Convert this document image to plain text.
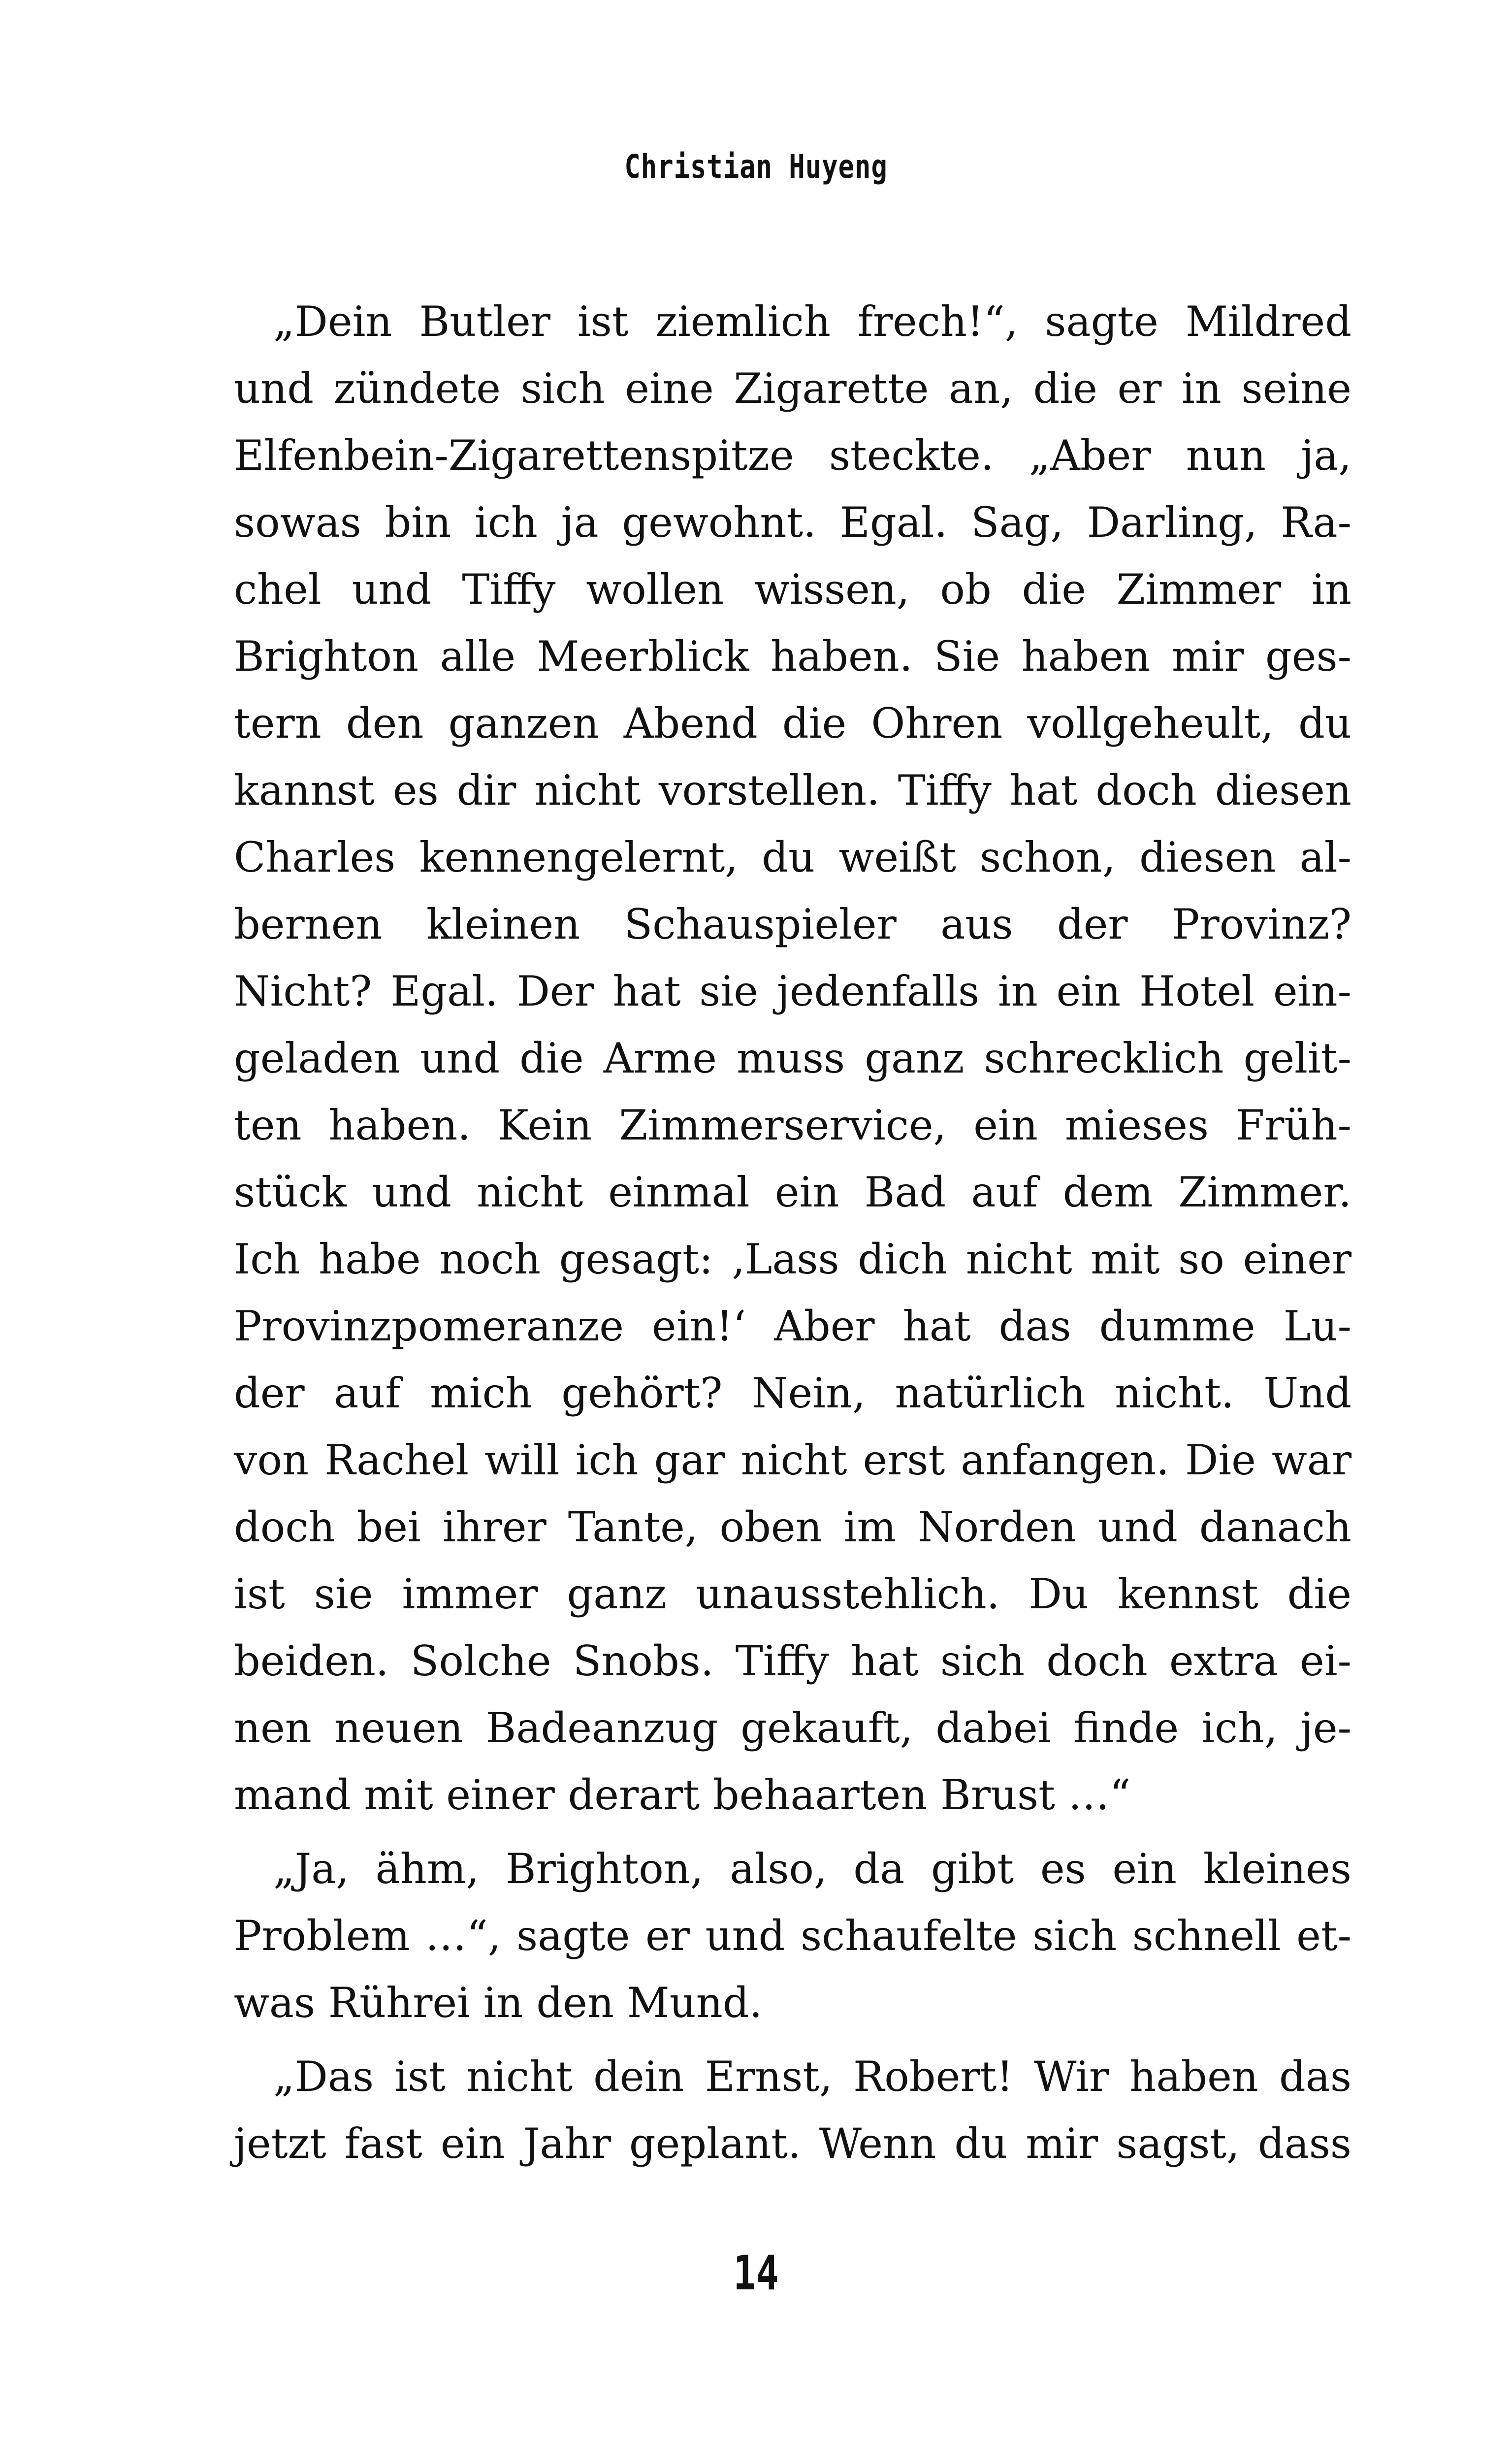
Christian Huyeng
„Dein Butler ist ziemlich frech!“, sagte Mildred
und zündete sich eine Zigarette an, die er in seine
Elfenbein-Zigarettenspitze steckte. „Aber nun ja,
sowas bin ich ja gewohnt. Egal. Sag, Darling, Ra-
chel und Tiffy wollen wissen, ob die Zimmer in
Brighton alle Meerblick haben. Sie haben mir ges-
tern den ganzen Abend die Ohren vollgeheult, du
kannst es dir nicht vorstellen. Tiffy hat doch diesen
Charles kennengelernt, du weißt schon, diesen al-
bernen kleinen Schauspieler aus der Provinz?
Nicht? Egal. Der hat sie jedenfalls in ein Hotel ein-
geladen und die Arme muss ganz schrecklich gelit-
ten haben. Kein Zimmerservice, ein mieses Früh-
stück und nicht einmal ein Bad auf dem Zimmer.
Ich habe noch gesagt: ‚Lass dich nicht mit so einer
Provinzpomeranze ein!‘ Aber hat das dumme Lu-
der auf mich gehört? Nein, natürlich nicht. Und
von Rachel will ich gar nicht erst anfangen. Die war
doch bei ihrer Tante, oben im Norden und danach
ist sie immer ganz unausstehlich. Du kennst die
beiden. Solche Snobs. Tiffy hat sich doch extra ei-
nen neuen Badeanzug gekauft, dabei finde ich, je-
mand mit einer derart behaarten Brust …“
„Ja, ähm, Brighton, also, da gibt es ein kleines
Problem …“, sagte er und schaufelte sich schnell et-
was Rührei in den Mund.
„Das ist nicht dein Ernst, Robert! Wir haben das
jetzt fast ein Jahr geplant. Wenn du mir sagst, dass
14
